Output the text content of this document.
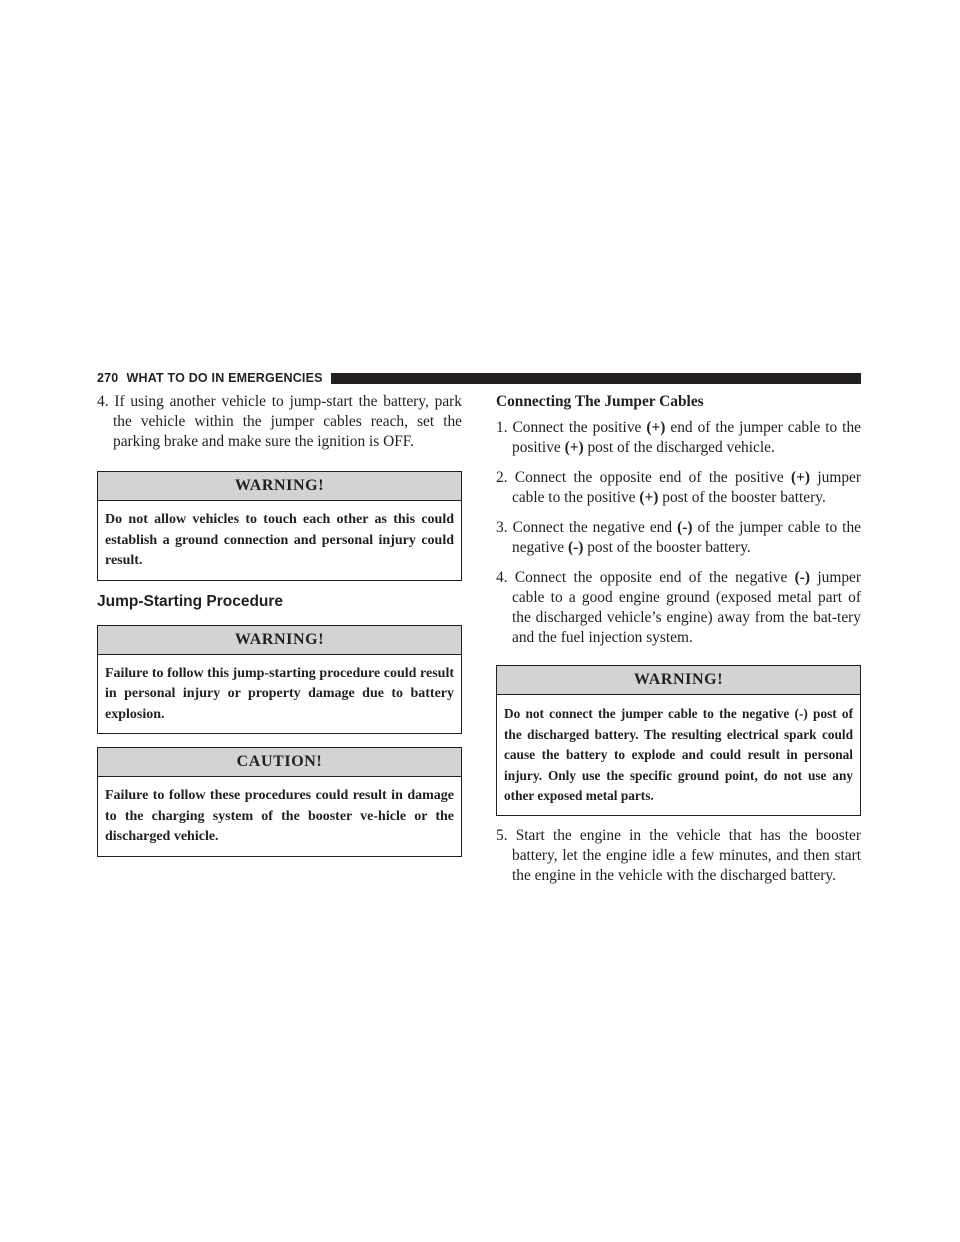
270 WHAT TO DO IN EMERGENCIES

4. If using another vehicle to jump-start the battery, park the vehicle within the jumper cables reach, set the parking brake and make sure the ignition is OFF.

WARNING!
Do not allow vehicles to touch each other as this could establish a ground connection and personal injury could result.

Jump-Starting Procedure

WARNING!
Failure to follow this jump-starting procedure could result in personal injury or property damage due to battery explosion.
CAUTION!
Failure to follow these procedures could result in damage to the charging system of the booster ve-hicle or the discharged vehicle.

Connecting The Jumper Cables

1. Connect the positive (+) end of the jumper cable to the positive (+) post of the discharged vehicle.

2. Connect the opposite end of the positive (+) jumper cable to the positive (+) post of the booster battery.

3. Connect the negative end (-) of the jumper cable to the negative (-) post of the booster battery.

4. Connect the opposite end of the negative (-) jumper cable to a good engine ground (exposed metal part of the discharged vehicle’s engine) away from the bat-tery and the fuel injection system.

WARNING!
Do not connect the jumper cable to the negative (-) post of the discharged battery. The resulting electrical spark could cause the battery to explode and could result in personal injury. Only use the specific ground point, do not use any other exposed metal parts.

5. Start the engine in the vehicle that has the booster battery, let the engine idle a few minutes, and then start the engine in the vehicle with the discharged battery.
